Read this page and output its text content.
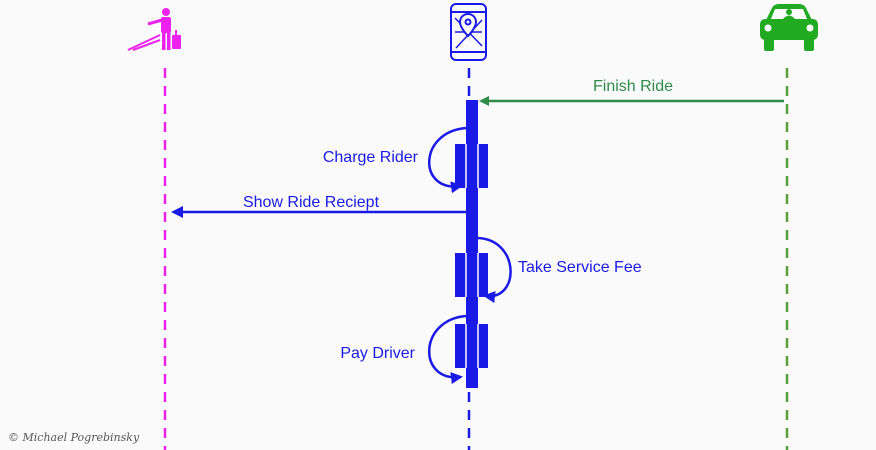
Finish Ride
Charge Rider
Show Ride Reciept
Take Service Fee
Pay Driver
© Michael Pogrebinsky
